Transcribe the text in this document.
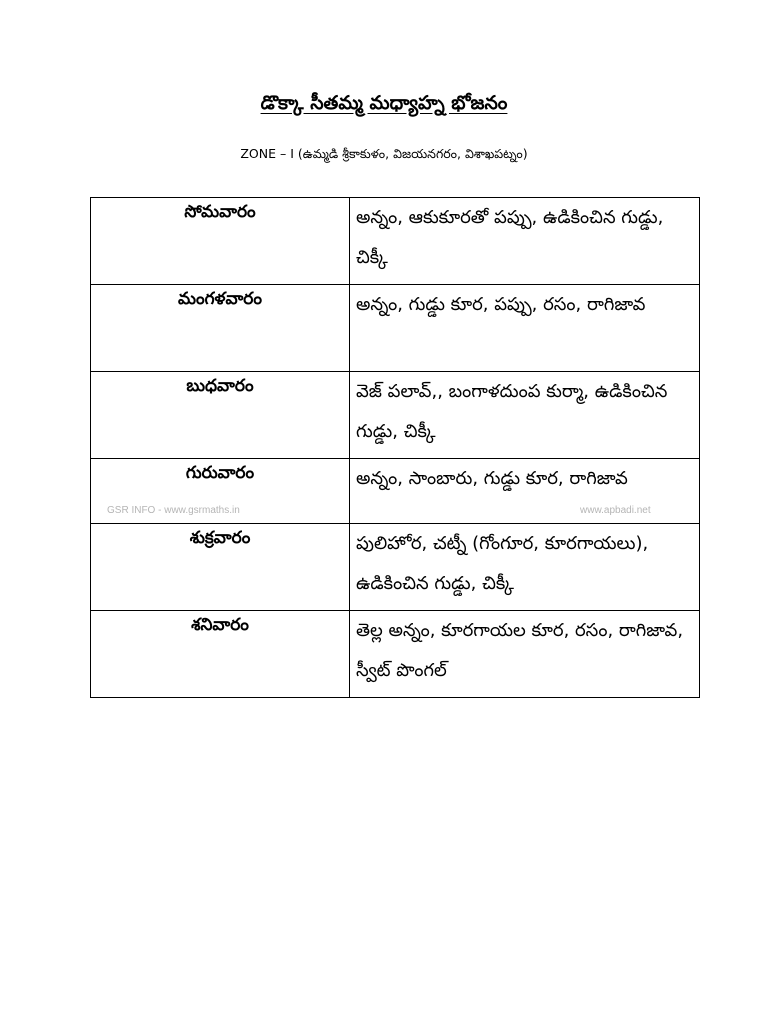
డొక్కా సీతమ్మ మధ్యాహ్న భోజనం
ZONE – I (ఉమ్మడి శ్రీకాకుళం, విజయనగరం, విశాఖపట్నం)
సోమవారం	అన్నం, ఆకుకూరతో పప్పు, ఉడికించిన గుడ్డు, చిక్కీ
మంగళవారం	అన్నం, గుడ్డు కూర, పప్పు, రసం, రాగిజావ
బుధవారం	వెజ్ పలావ్,, బంగాళదుంప కుర్మా, ఉడికించిన గుడ్డు, చిక్కీ
గురువారం	అన్నం, సాంబారు, గుడ్డు కూర, రాగిజావ
శుక్రవారం	పులిహోర, చట్నీ (గోంగూర, కూరగాయలు), ఉడికించిన గుడ్డు, చిక్కీ
శనివారం	తెల్ల అన్నం, కూరగాయల కూర, రసం, రాగిజావ, స్వీట్ పొంగల్
GSR INFO - www.gsrmaths.in	www.apbadi.net
